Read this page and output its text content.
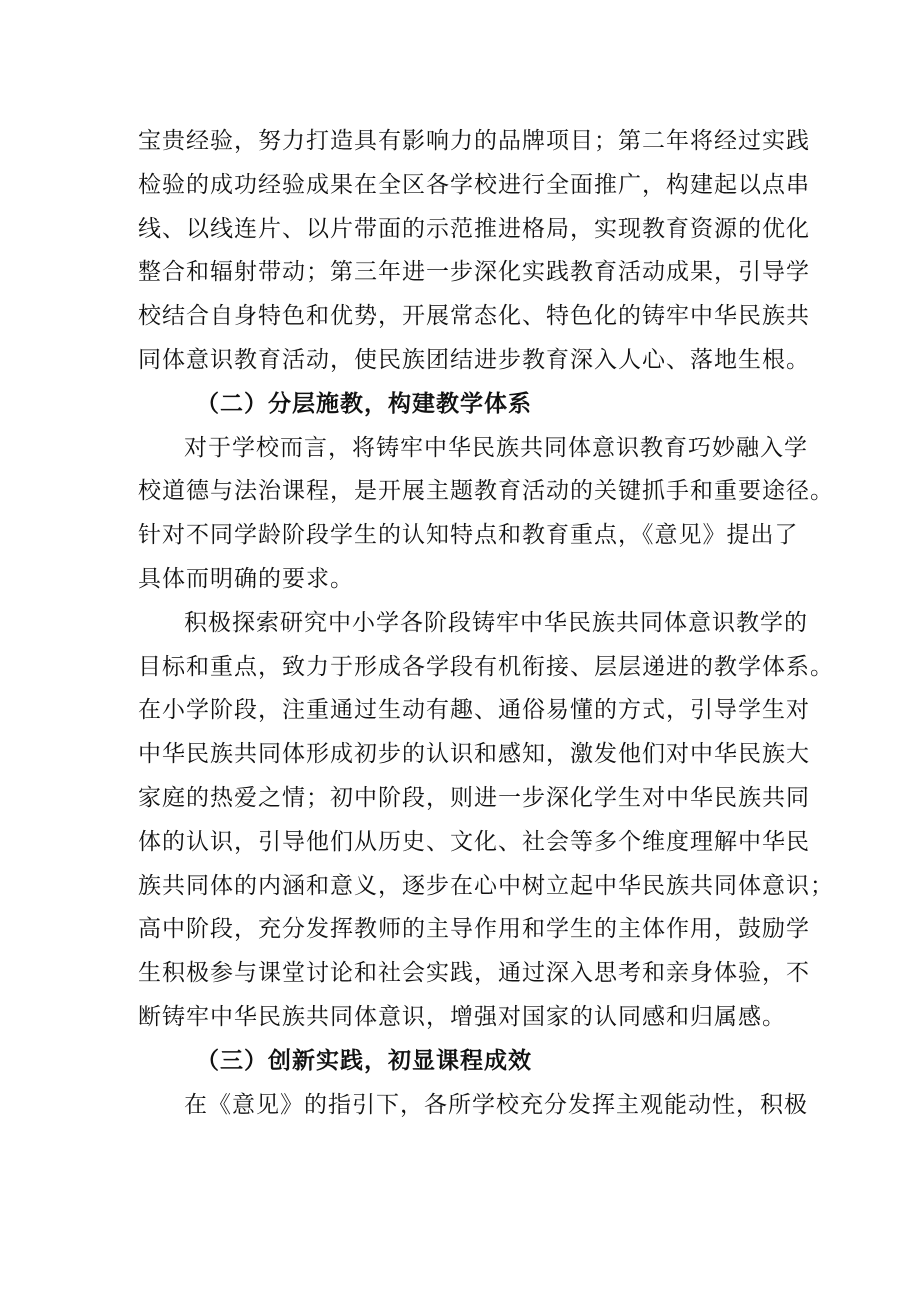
宝贵经验，努力打造具有影响力的品牌项目；第二年将经过实践
检验的成功经验成果在全区各学校进行全面推广，构建起以点串
线、以线连片、以片带面的示范推进格局，实现教育资源的优化
整合和辐射带动；第三年进一步深化实践教育活动成果，引导学
校结合自身特色和优势，开展常态化、特色化的铸牢中华民族共
同体意识教育活动，使民族团结进步教育深入人心、落地生根。
（二）分层施教，构建教学体系
对于学校而言，将铸牢中华民族共同体意识教育巧妙融入学
校道德与法治课程，是开展主题教育活动的关键抓手和重要途径。
针对不同学龄阶段学生的认知特点和教育重点，《意见》提出了
具体而明确的要求。
积极探索研究中小学各阶段铸牢中华民族共同体意识教学的
目标和重点，致力于形成各学段有机衔接、层层递进的教学体系。
在小学阶段，注重通过生动有趣、通俗易懂的方式，引导学生对
中华民族共同体形成初步的认识和感知，激发他们对中华民族大
家庭的热爱之情；初中阶段，则进一步深化学生对中华民族共同
体的认识，引导他们从历史、文化、社会等多个维度理解中华民
族共同体的内涵和意义，逐步在心中树立起中华民族共同体意识；
高中阶段，充分发挥教师的主导作用和学生的主体作用，鼓励学
生积极参与课堂讨论和社会实践，通过深入思考和亲身体验，不
断铸牢中华民族共同体意识，增强对国家的认同感和归属感。
（三）创新实践，初显课程成效
在《意见》的指引下，各所学校充分发挥主观能动性，积极
